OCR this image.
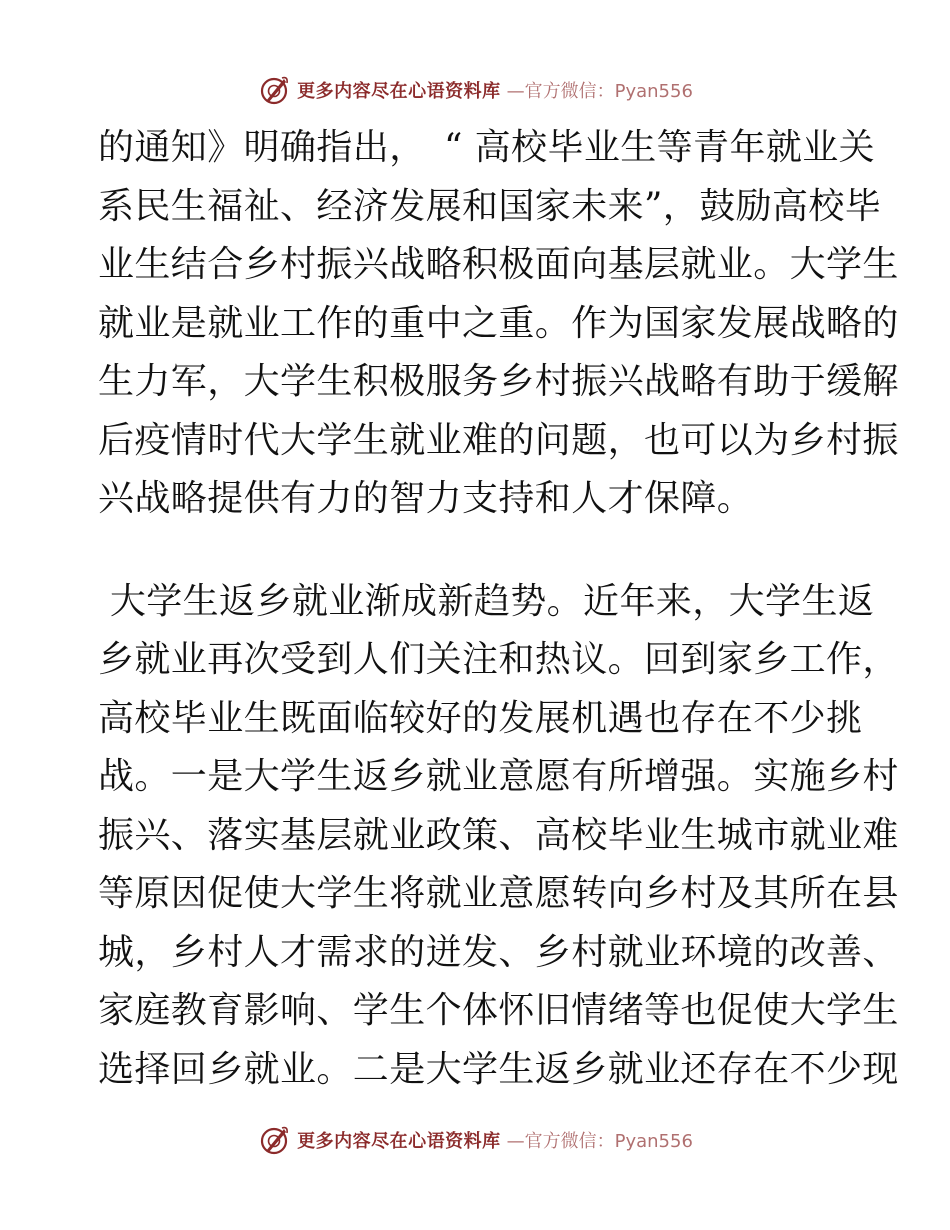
更多内容尽在心语资料库 —官方微信：Pyan556
的通知》明确指出，　“ 高校毕业生等青年就业关
系民生福祉、经济发展和国家未来”，鼓励高校毕
业生结合乡村振兴战略积极面向基层就业。大学生
就业是就业工作的重中之重。作为国家发展战略的
生力军，大学生积极服务乡村振兴战略有助于缓解
后疫情时代大学生就业难的问题，也可以为乡村振
兴战略提供有力的智力支持和人才保障。
大学生返乡就业渐成新趋势。近年来，大学生返
乡就业再次受到人们关注和热议。回到家乡工作，
高校毕业生既面临较好的发展机遇也存在不少挑
战。一是大学生返乡就业意愿有所增强。实施乡村
振兴、落实基层就业政策、高校毕业生城市就业难
等原因促使大学生将就业意愿转向乡村及其所在县
城，乡村人才需求的迸发、乡村就业环境的改善、
家庭教育影响、学生个体怀旧情绪等也促使大学生
选择回乡就业。二是大学生返乡就业还存在不少现
更多内容尽在心语资料库 —官方微信：Pyan556
